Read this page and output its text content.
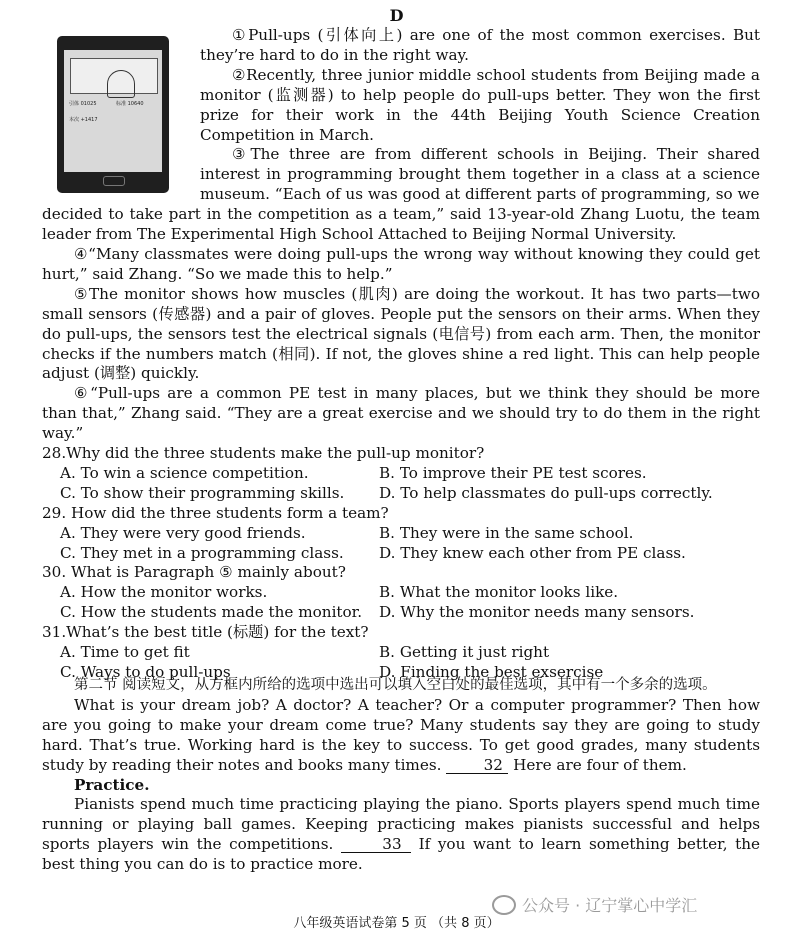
D
引体 01025	标准 10640
本次 +1417

①Pull-ups (引体向上) are one of the most common exercises. But they’re hard to do in the right way.

②Recently, three junior middle school students from Beijing made a monitor (监测器) to help people do pull-ups better. They won the first prize for their work in the 44th Beijing Youth Science Creation Competition in March.

③The three are from different schools in Beijing. Their shared interest in programming brought them together in a class at a science museum. “Each of us was good at different parts of programming, so we

decided to take part in the competition as a team,” said 13-year-old Zhang Luotu, the team leader from The Experimental High School Attached to Beijing Normal University.

④“Many classmates were doing pull-ups the wrong way without knowing they could get hurt,” said Zhang. “So we made this to help.”

⑤The monitor shows how muscles (肌肉) are doing the workout. It has two parts—two small sensors (传感器) and a pair of gloves. People put the sensors on their arms. When they do pull-ups, the sensors test the electrical signals (电信号) from each arm. Then, the monitor checks if the numbers match (相同). If not, the gloves shine a red light. This can help people adjust (调整) quickly.

⑥“Pull-ups are a common PE test in many places, but we think they should be more than that,” Zhang said. “They are a great exercise and we should try to do them in the right way.”

28.Why did the three students make the pull-up monitor?

A. To win a science competition.	B. To improve their PE test scores.
C. To show their programming skills.	D. To help classmates do pull-ups correctly.

29. How did the three students form a team?

A. They were very good friends.	B. They were in the same school.
C. They met in a programming class.	D. They knew each other from PE class.

30. What is Paragraph ⑤ mainly about?

A. How the monitor works.	B. What the monitor looks like.
C. How the students made the monitor.	D. Why the monitor needs many sensors.

31.What’s the best title (标题) for the text?

A. Time to get fit	B. Getting it just right
C. Ways to do pull-ups	D. Finding the best exsercise

第二节 阅读短文，从方框内所给的选项中选出可以填入空白处的最佳选项，其中有一个多余的选项。

What is your dream job? A doctor? A teacher? Or a computer programmer? Then how are you going to make your dream come true? Many students say they are going to study hard. That’s true. Working hard is the key to success. To get good grades, many students study by reading their notes and books many times.	32 Here are four of them.

Practice.

Pianists spend much time practicing playing the piano. Sports players spend much time running or playing ball games. Keeping practicing makes pianists successful and helps sports players win the competitions.	33 If you want to learn something better, the best thing you can do is to practice more.

公众号 · 辽宁掌心中学汇
八年级英语试卷第 5 页 （共 8 页）
